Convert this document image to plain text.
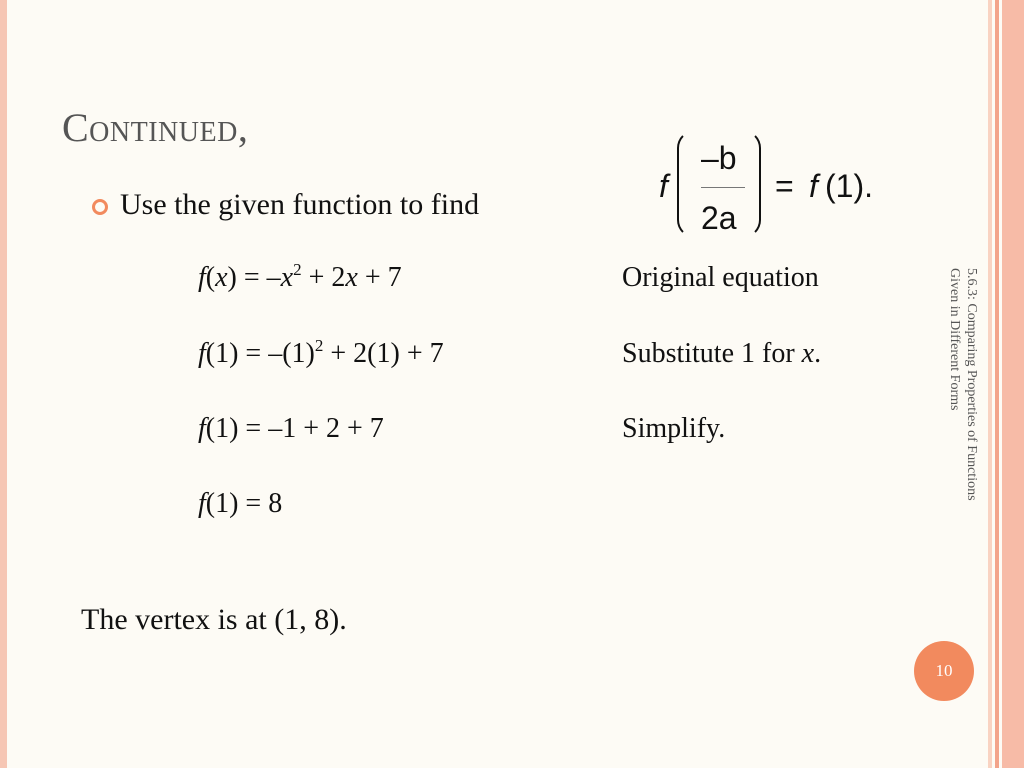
Continued,
Use the given function to find
f
–b
2a
= f (1).
$f(x) = -x^2 + 2x + 7$	Original equation
$f(1) = -(1)^2 + 2(1) + 7$	Substitute 1 for x.
f(1) = –1 + 2 + 7	Simplify.
f(1) = 8
The vertex is at (1, 8).
5.6.3: Comparing Properties of Functions
Given in Different Forms
10
